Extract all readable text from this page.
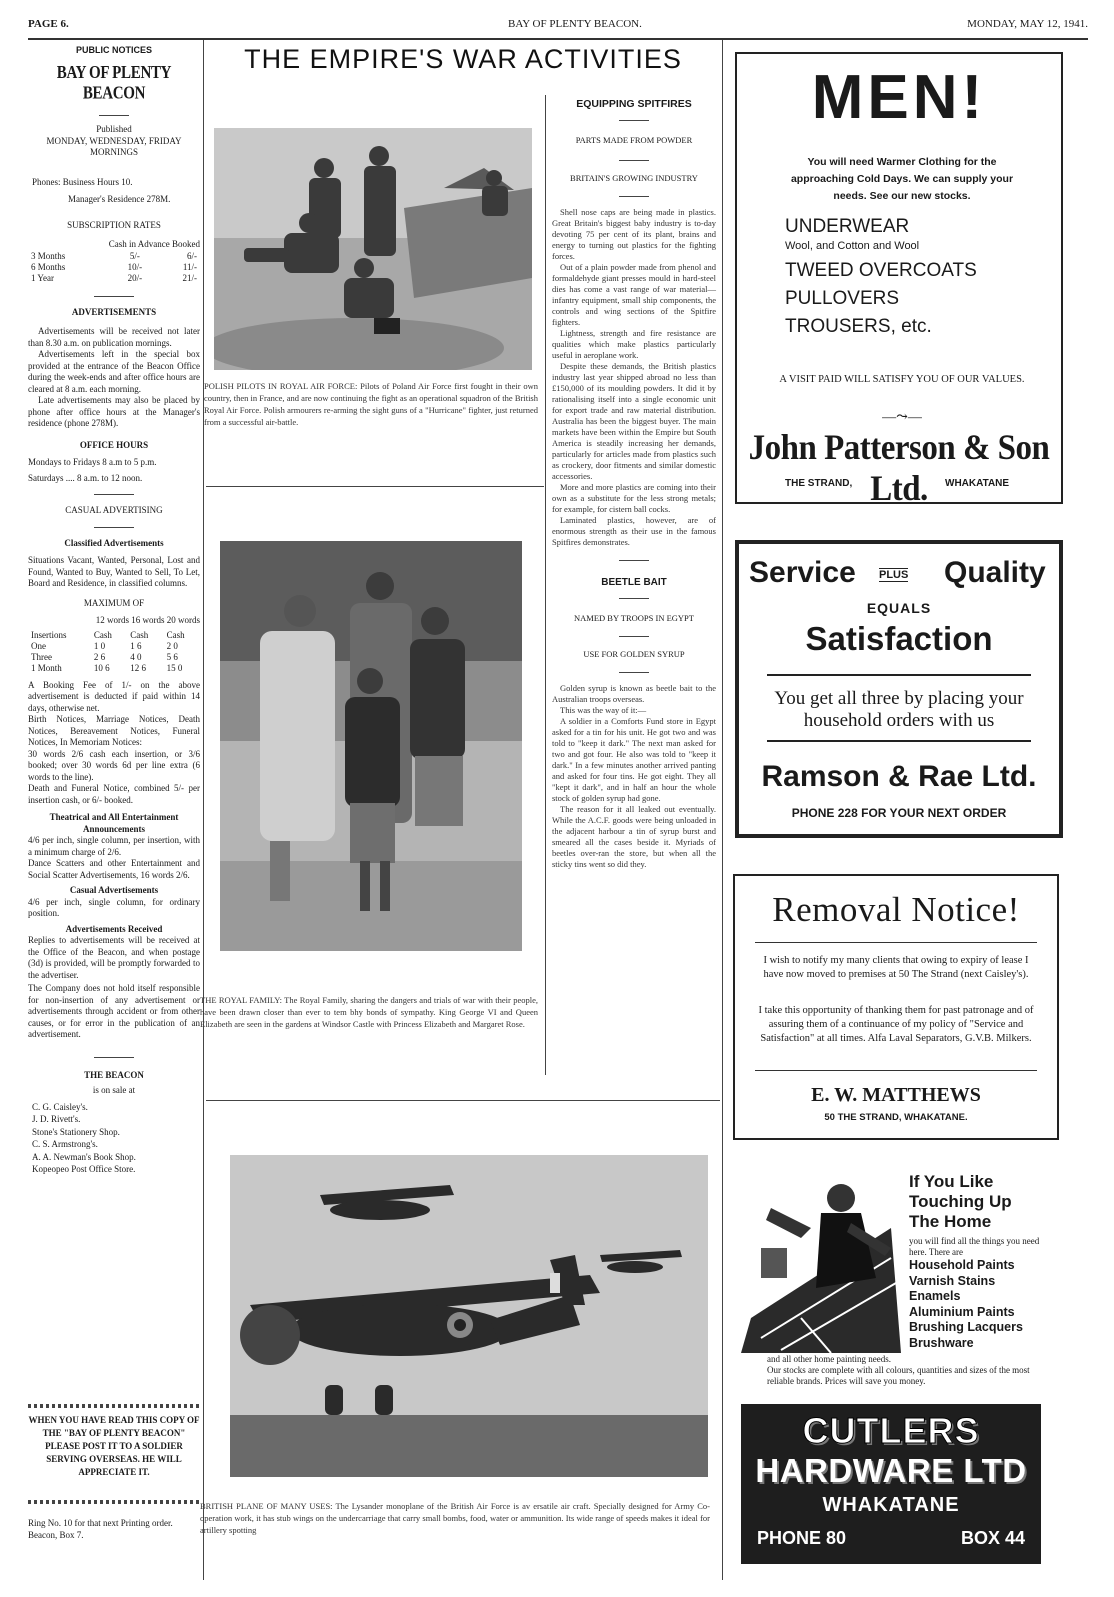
PAGE 6.	BAY OF PLENTY BEACON.	MONDAY, MAY 12, 1941.
PUBLIC NOTICES
BAY OF PLENTY BEACON
Published
MONDAY, WEDNESDAY, FRIDAY MORNINGS
Phones: Business Hours 10.
Manager's Residence 278M.
SUBSCRIPTION RATES
Cash in Advance Booked
3 Months	5/-	6/-
6 Months	10/-	11/-
1 Year	20/-	21/-
ADVERTISEMENTS
Advertisements will be received not later than 8.30 a.m. on publication mornings.
Advertisements left in the special box provided at the entrance of the Beacon Office during the week-ends and after office hours are cleared at 8 a.m. each morning.
Late advertisements may also be placed by phone after office hours at the Manager's residence (phone 278M).
OFFICE HOURS
Mondays to Fridays 8 a.m to 5 p.m.
Saturdays .... 8 a.m. to 12 noon.
CASUAL ADVERTISING
Classified Advertisements
Situations Vacant, Wanted, Personal, Lost and Found, Wanted to Buy, Wanted to Sell, To Let, Board and Residence, in classified columns.
MAXIMUM OF
12 words 16 words 20 words
Insertions	Cash	Cash	Cash
One	1 0	1 6	2 0
Three	2 6	4 0	5 6
1 Month	10 6	12 6	15 0
A Booking Fee of 1/- on the above advertisement is deducted if paid within 14 days, otherwise net.
Birth Notices, Marriage Notices, Death Notices, Bereavement Notices, Funeral Notices, In Memoriam Notices:
30 words 2/6 cash each insertion, or 3/6 booked; over 30 words 6d per line extra (6 words to the line).
Death and Funeral Notice, combined 5/- per insertion cash, or 6/- booked.
Theatrical and All Entertainment Announcements
4/6 per inch, single column, per insertion, with a minimum charge of 2/6.
Dance Scatters and other Entertainment and Social Scatter Advertisements, 16 words 2/6.
Casual Advertisements
4/6 per inch, single column, for ordinary position.
Advertisements Received
Replies to advertisements will be received at the Office of the Beacon, and when postage (3d) is provided, will be promptly forwarded to the advertiser.
The Company does not hold itself responsible for non-insertion of any advertisement or advertisements through accident or from other causes, or for error in the publication of an advertisement.
THE BEACON
is on sale at
C. G. Caisley's.
J. D. Rivett's.
Stone's Stationery Shop.
C. S. Armstrong's.
A. A. Newman's Book Shop.
Kopeopeo Post Office Store.
WHEN YOU HAVE READ THIS COPY OF THE "BAY OF PLENTY BEACON" PLEASE POST IT TO A SOLDIER SERVING OVERSEAS. HE WILL APPRECIATE IT.
Ring No. 10 for that next Printing order. Beacon, Box 7.
THE EMPIRE'S WAR ACTIVITIES
POLISH PILOTS IN ROYAL AIR FORCE: Pilots of Poland Air Force first fought in their own country, then in France, and are now continuing the fight as an operational squadron of the British Royal Air Force. Polish armourers re-arming the sight guns of a "Hurricane" fighter, just returned from a successful air-battle.
THE ROYAL FAMILY: The Royal Family, sharing the dangers and trials of war with their people, have been drawn closer than ever to tem bhy bonds of sympathy. King George VI and Queen Elizabeth are seen in the gardens at Windsor Castle with Princess Elizabeth and Margaret Rose.
BRITISH PLANE OF MANY USES: The Lysander monoplane of the British Air Force is av ersatile air craft. Specially designed for Army Co-operation work, it has stub wings on the undercarriage that carry small bombs, food, water or ammunition. Its wide range of speeds makes it ideal for artillery spotting
EQUIPPING SPITFIRES
PARTS MADE FROM POWDER
BRITAIN'S GROWING INDUSTRY
Shell nose caps are being made in plastics. Great Britain's biggest baby industry is to-day devoting 75 per cent of its plant, brains and energy to turning out plastics for the fighting forces.
Out of a plain powder made from phenol and formaldehyde giant presses mould in hard-steel dies has come a vast range of war material—infantry equipment, small ship components, the controls and wing sections of the Spitfire fighters.
Lightness, strength and fire resistance are qualities which make plastics particularly useful in aeroplane work.
Despite these demands, the British plastics industry last year shipped abroad no less than £150,000 of its moulding powders. It did it by rationalising itself into a single economic unit for export trade and raw material distribution. Australia has been the biggest buyer. The main markets have been within the Empire but South America is steadily increasing her demands, particularly for articles made from plastics such as crockery, door fitments and similar domestic accessories.
More and more plastics are coming into their own as a substitute for the less strong metals; for example, for cistern ball cocks.
Laminated plastics, however, are of enormous strength as their use in the famous Spitfires demonstrates.
BEETLE BAIT
NAMED BY TROOPS IN EGYPT
USE FOR GOLDEN SYRUP
Golden syrup is known as beetle bait to the Australian troops overseas.
This was the way of it:—
A soldier in a Comforts Fund store in Egypt asked for a tin for his unit. He got two and was told to "keep it dark." The next man asked for two and got four. He also was told to "keep it dark." In a few minutes another arrived panting and asked for four tins. He got eight. They all "kept it dark", and in half an hour the whole stock of golden syrup had gone.
The reason for it all leaked out eventually. While the A.C.F. goods were being unloaded in the adjacent harbour a tin of syrup burst and smeared all the cases beside it. Myriads of beetles over-ran the store, but when all the sticky tins went so did they.
MEN!
You will need Warmer Clothing for the approaching Cold Days. We can supply your needs. See our new stocks.
UNDERWEAR
Wool, and Cotton and Wool
TWEED OVERCOATS
PULLOVERS
TROUSERS, etc.
A VISIT PAID WILL SATISFY YOU OF OUR VALUES.
—⤳—
John Patterson & Son Ltd.
THE STRAND,	WHAKATANE
Service PLUS Quality
EQUALS
Satisfaction
You get all three by placing your household orders with us
Ramson & Rae Ltd.
PHONE 228 FOR YOUR NEXT ORDER
Removal Notice!
I wish to notify my many clients that owing to expiry of lease I have now moved to premises at 50 The Strand (next Caisley's).
I take this opportunity of thanking them for past patronage and of assuring them of a continuance of my policy of "Service and Satisfaction" at all times. Alfa Laval Separators, G.V.B. Milkers.
E. W. MATTHEWS
50 THE STRAND, WHAKATANE.
If You Like
Touching Up
The Home
you will find all the things you need here. There are
Household Paints
Varnish Stains
Enamels
Aluminium Paints
Brushing Lacquers
Brushware
and all other home painting needs.
Our stocks are complete with all colours, quantities and sizes of the most reliable brands. Prices will save you money.
CUTLERS
HARDWARE LTD
WHAKATANE
PHONE 80	BOX 44
